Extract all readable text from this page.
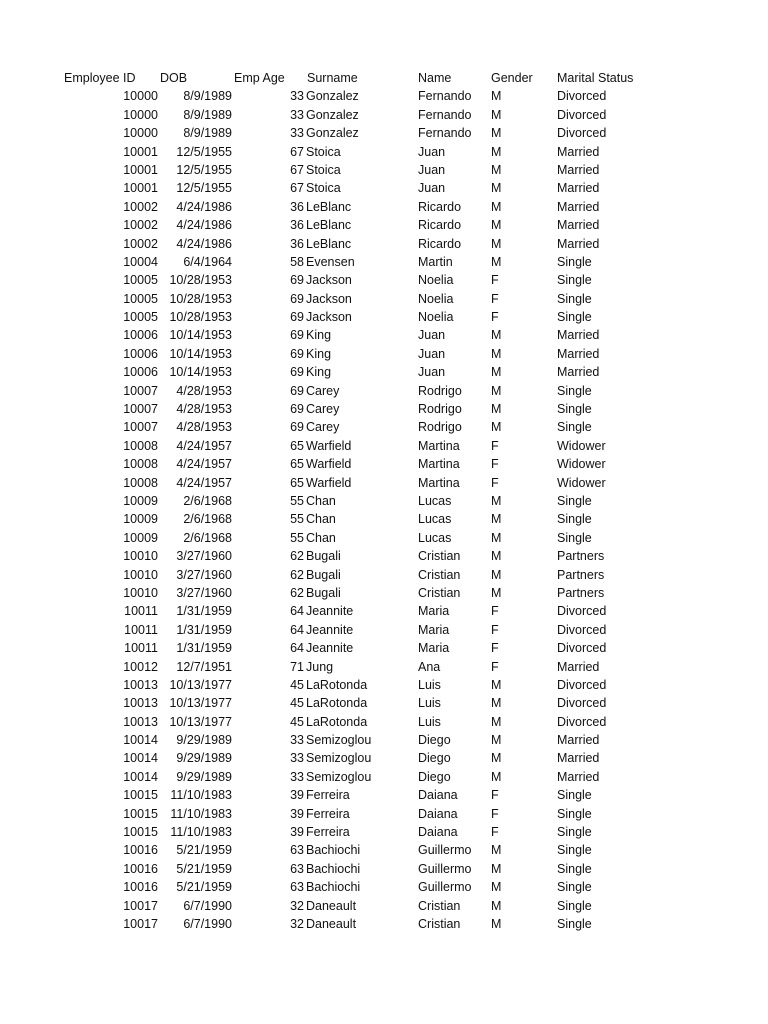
Employee ID DOB	Emp Age Surname	Name	Gender Marital Status
10000 8/9/1989	33 Gonzalez	Fernando M	Divorced
10000 8/9/1989	33 Gonzalez	Fernando M	Divorced
10000 8/9/1989	33 Gonzalez	Fernando M	Divorced
10001 12/5/1955	67 Stoica	Juan	M	Married
10001 12/5/1955	67 Stoica	Juan	M	Married
10001 12/5/1955	67 Stoica	Juan	M	Married
10002 4/24/1986	36 LeBlanc	Ricardo M	Married
10002 4/24/1986	36 LeBlanc	Ricardo M	Married
10002 4/24/1986	36 LeBlanc	Ricardo M	Married
10004 6/4/1964	58 Evensen	Martin	M	Single
10005 10/28/1953	69 Jackson	Noelia	F	Single
10005 10/28/1953	69 Jackson	Noelia	F	Single
10005 10/28/1953	69 Jackson	Noelia	F	Single
10006 10/14/1953	69 King	Juan	M	Married
10006 10/14/1953	69 King	Juan	M	Married
10006 10/14/1953	69 King	Juan	M	Married
10007 4/28/1953	69 Carey	Rodrigo M	Single
10007 4/28/1953	69 Carey	Rodrigo M	Single
10007 4/28/1953	69 Carey	Rodrigo M	Single
10008 4/24/1957	65 Warfield	Martina	F	Widower
10008 4/24/1957	65 Warfield	Martina	F	Widower
10008 4/24/1957	65 Warfield	Martina	F	Widower
10009 2/6/1968	55 Chan	Lucas	M	Single
10009 2/6/1968	55 Chan	Lucas	M	Single
10009 2/6/1968	55 Chan	Lucas	M	Single
10010 3/27/1960	62 Bugali	Cristian M	Partners
10010 3/27/1960	62 Bugali	Cristian M	Partners
10010 3/27/1960	62 Bugali	Cristian M	Partners
10011 1/31/1959	64 Jeannite	Maria	F	Divorced
10011 1/31/1959	64 Jeannite	Maria	F	Divorced
10011 1/31/1959	64 Jeannite	Maria	F	Divorced
10012 12/7/1951	71 Jung	Ana	F	Married
10013 10/13/1977	45 LaRotonda	Luis	M	Divorced
10013 10/13/1977	45 LaRotonda	Luis	M	Divorced
10013 10/13/1977	45 LaRotonda	Luis	M	Divorced
10014 9/29/1989	33 Semizoglou	Diego	M	Married
10014 9/29/1989	33 Semizoglou	Diego	M	Married
10014 9/29/1989	33 Semizoglou	Diego	M	Married
10015 11/10/1983	39 Ferreira	Daiana	F	Single
10015 11/10/1983	39 Ferreira	Daiana	F	Single
10015 11/10/1983	39 Ferreira	Daiana	F	Single
10016 5/21/1959	63 Bachiochi	Guillermo M	Single
10016 5/21/1959	63 Bachiochi	Guillermo M	Single
10016 5/21/1959	63 Bachiochi	Guillermo M	Single
10017 6/7/1990	32 Daneault	Cristian M	Single
10017 6/7/1990	32 Daneault	Cristian M	Single
